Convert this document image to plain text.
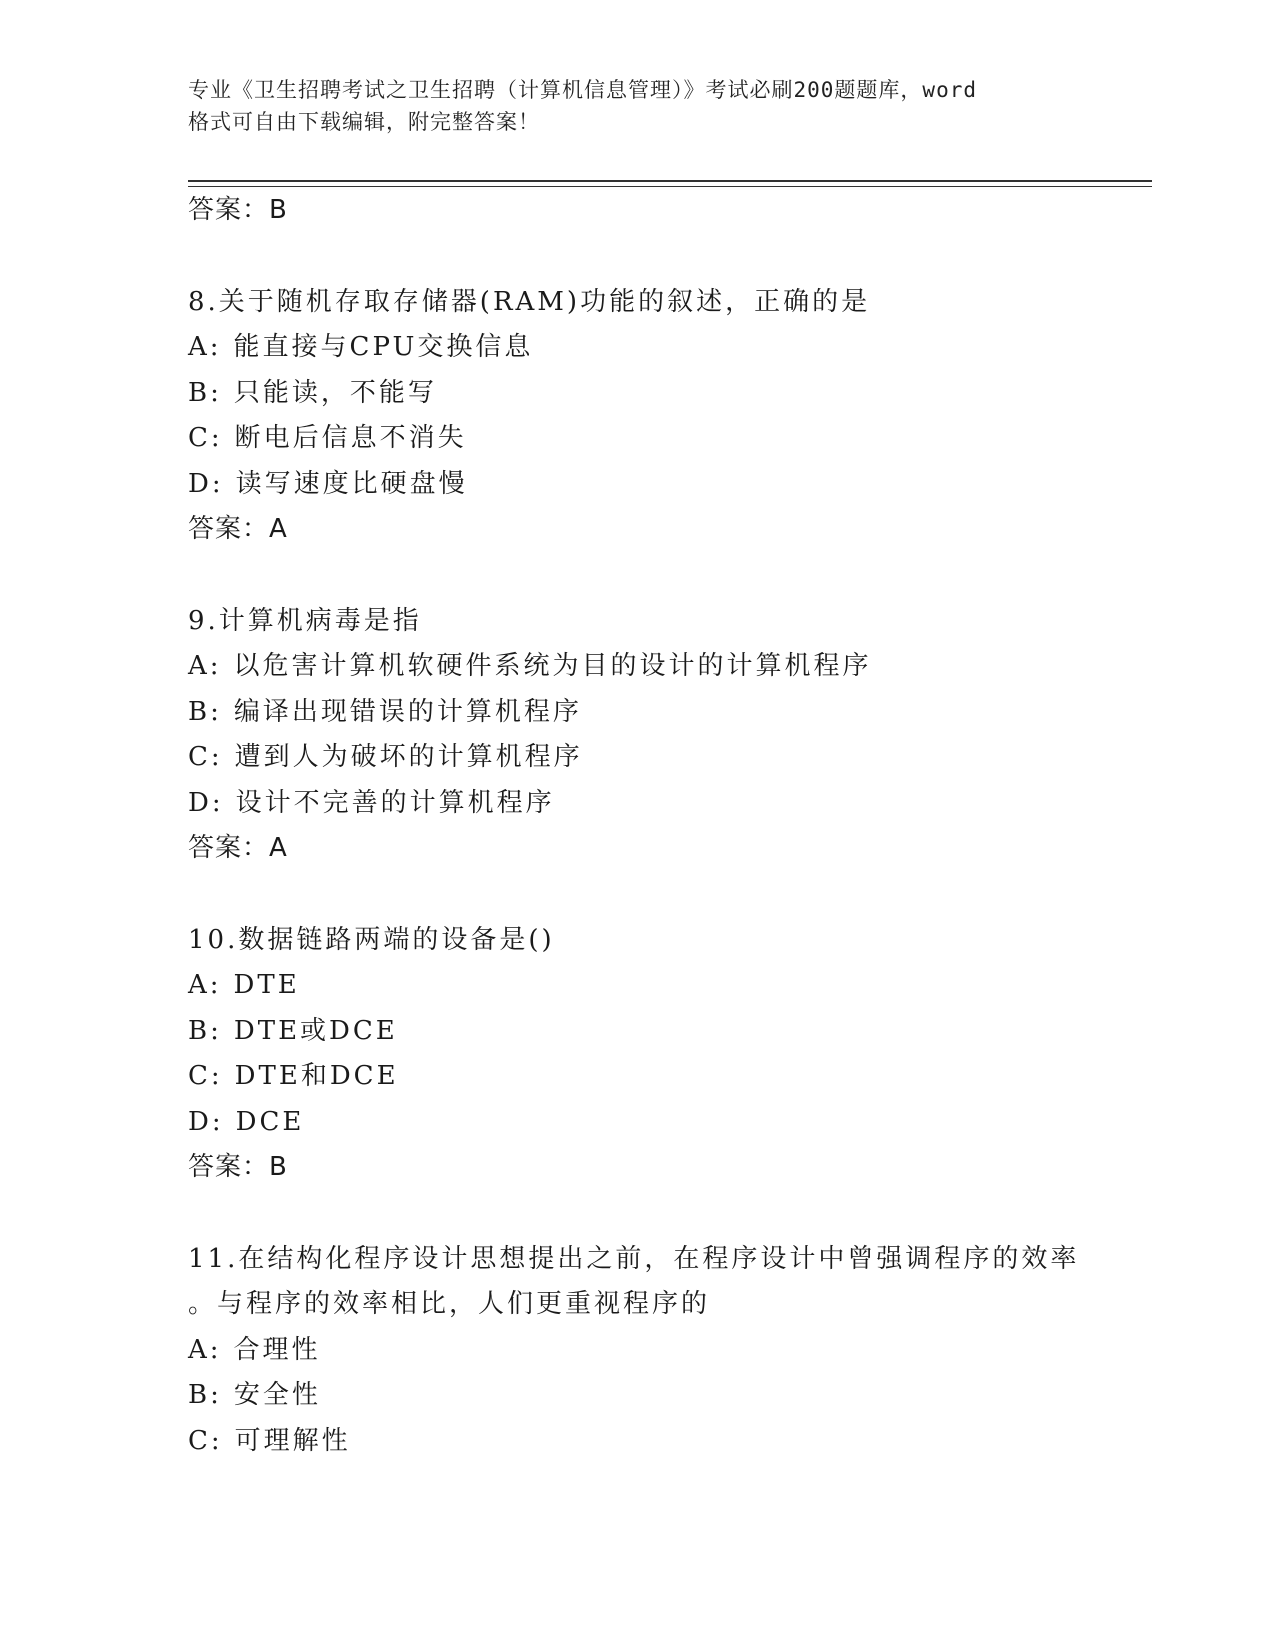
专业《卫生招聘考试之卫生招聘（计算机信息管理）》考试必刷200题题库，word
格式可自由下载编辑，附完整答案！
答案：B
8.关于随机存取存储器(RAM)功能的叙述，正确的是
A: 能直接与CPU交换信息
B: 只能读，不能写
C: 断电后信息不消失
D: 读写速度比硬盘慢
答案：A
9.计算机病毒是指
A: 以危害计算机软硬件系统为目的设计的计算机程序
B: 编译出现错误的计算机程序
C: 遭到人为破坏的计算机程序
D: 设计不完善的计算机程序
答案：A
10.数据链路两端的设备是()
A: DTE
B: DTE或DCE
C: DTE和DCE
D: DCE
答案：B
11.在结构化程序设计思想提出之前，在程序设计中曾强调程序的效率
。与程序的效率相比，人们更重视程序的
A: 合理性
B: 安全性
C: 可理解性
